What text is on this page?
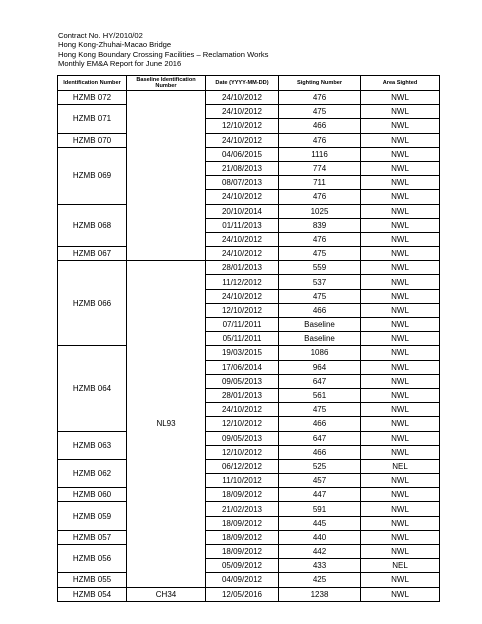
Contract No. HY/2010/02
Hong Kong-Zhuhai-Macao Bridge
Hong Kong Boundary Crossing Facilities – Reclamation Works
Monthly EM&A Report for June 2016
Identification Number	Baseline Identification Number	Date (YYYY-MM-DD)	Sighting Number	Area Sighted
HZMB 072		24/10/2012	476	NWL
HZMB 071		24/10/2012	475	NWL
		12/10/2012	466	NWL
HZMB 070		24/10/2012	476	NWL
HZMB 069		04/06/2015	1116	NWL
		21/08/2013	774	NWL
		08/07/2013	711	NWL
		24/10/2012	476	NWL
HZMB 068		20/10/2014	1025	NWL
		01/11/2013	839	NWL
		24/10/2012	476	NWL
HZMB 067		24/10/2012	475	NWL
HZMB 066	NL93	28/01/2013	559	NWL
		11/12/2012	537	NWL
		24/10/2012	475	NWL
		12/10/2012	466	NWL
		07/11/2011	Baseline	NWL
		05/11/2011	Baseline	NWL
HZMB 064		19/03/2015	1086	NWL
		17/06/2014	964	NWL
		09/05/2013	647	NWL
		28/01/2013	561	NWL
		24/10/2012	475	NWL
		12/10/2012	466	NWL
HZMB 063		09/05/2013	647	NWL
		12/10/2012	466	NWL
HZMB 062		06/12/2012	525	NEL
		11/10/2012	457	NWL
HZMB 060		18/09/2012	447	NWL
HZMB 059		21/02/2013	591	NWL
		18/09/2012	445	NWL
HZMB 057		18/09/2012	440	NWL
HZMB 056		18/09/2012	442	NWL
		05/09/2012	433	NEL
HZMB 055		04/09/2012	425	NWL
HZMB 054	CH34	12/05/2016	1238	NWL
